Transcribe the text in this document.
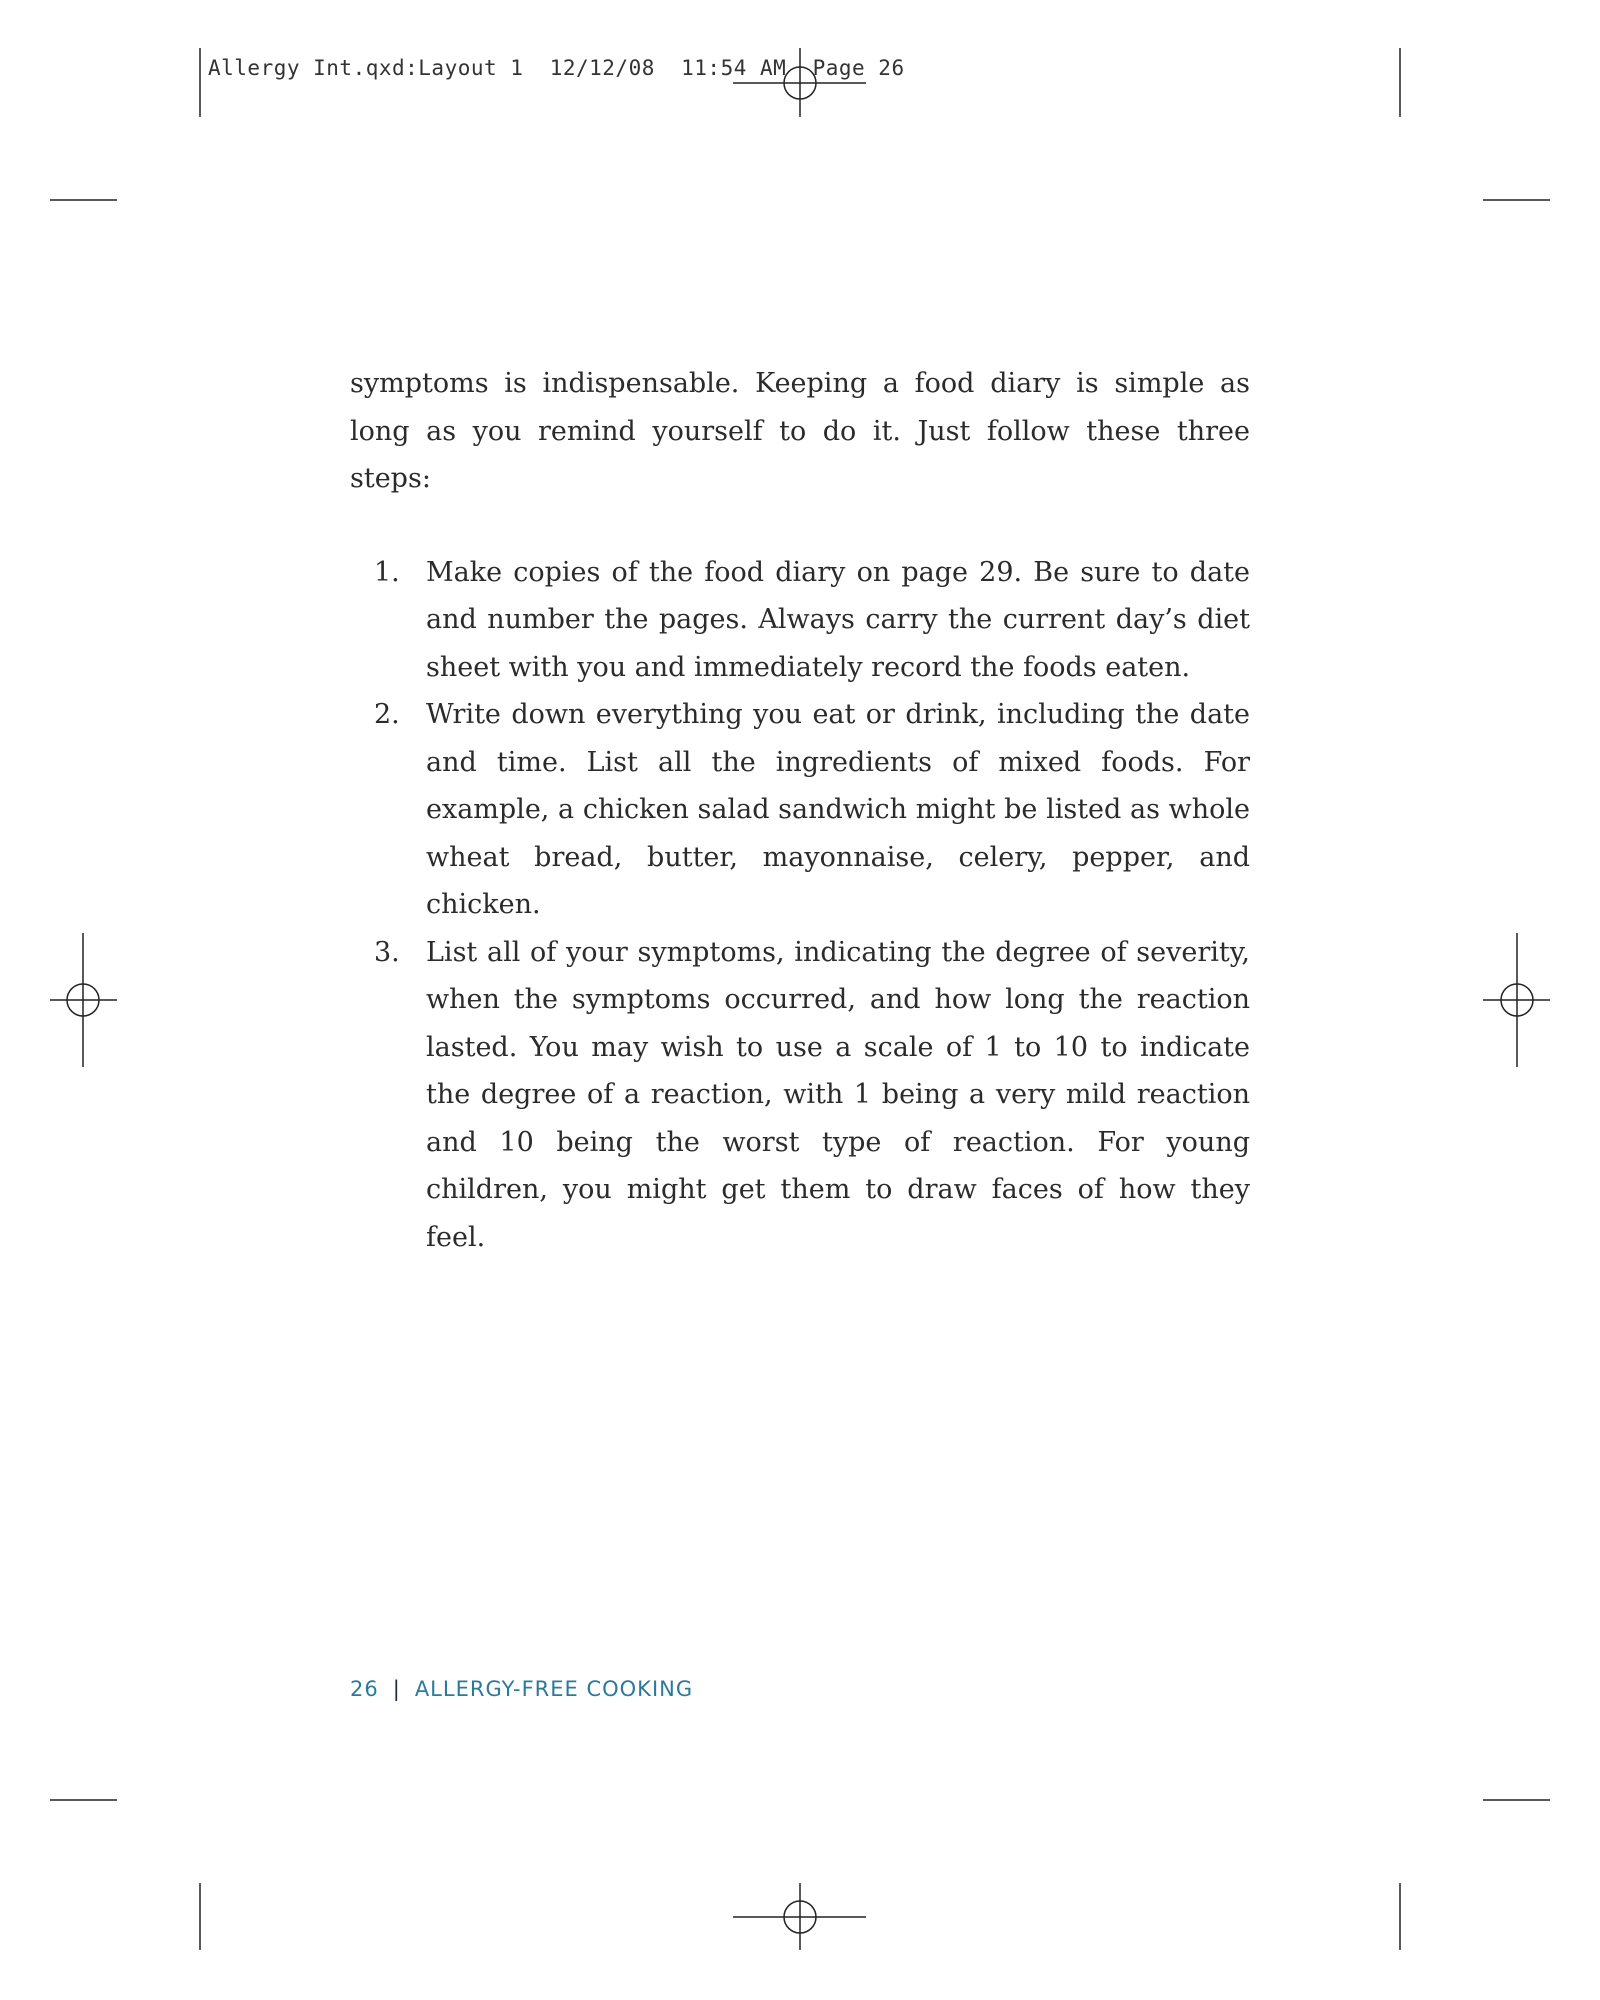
Allergy Int.qxd:Layout 1  12/12/08  11:54 AM  Page 26

symptoms is indispensable. Keeping a food diary is simple as long as you remind yourself to do it. Just follow these three steps:

1. Make copies of the food diary on page 29. Be sure to date and number the pages. Always carry the current day’s diet sheet with you and immediately record the foods eaten.
2. Write down everything you eat or drink, including the date and time. List all the ingredients of mixed foods. For example, a chicken salad sandwich might be listed as whole wheat bread, butter, mayonnaise, celery, pepper, and chicken.
3. List all of your symptoms, indicating the degree of severity, when the symptoms occurred, and how long the reaction lasted. You may wish to use a scale of 1 to 10 to indicate the degree of a reaction, with 1 being a very mild reaction and 10 being the worst type of reaction. For young children, you might get them to draw faces of how they feel.
26 | ALLERGY-FREE COOKING
